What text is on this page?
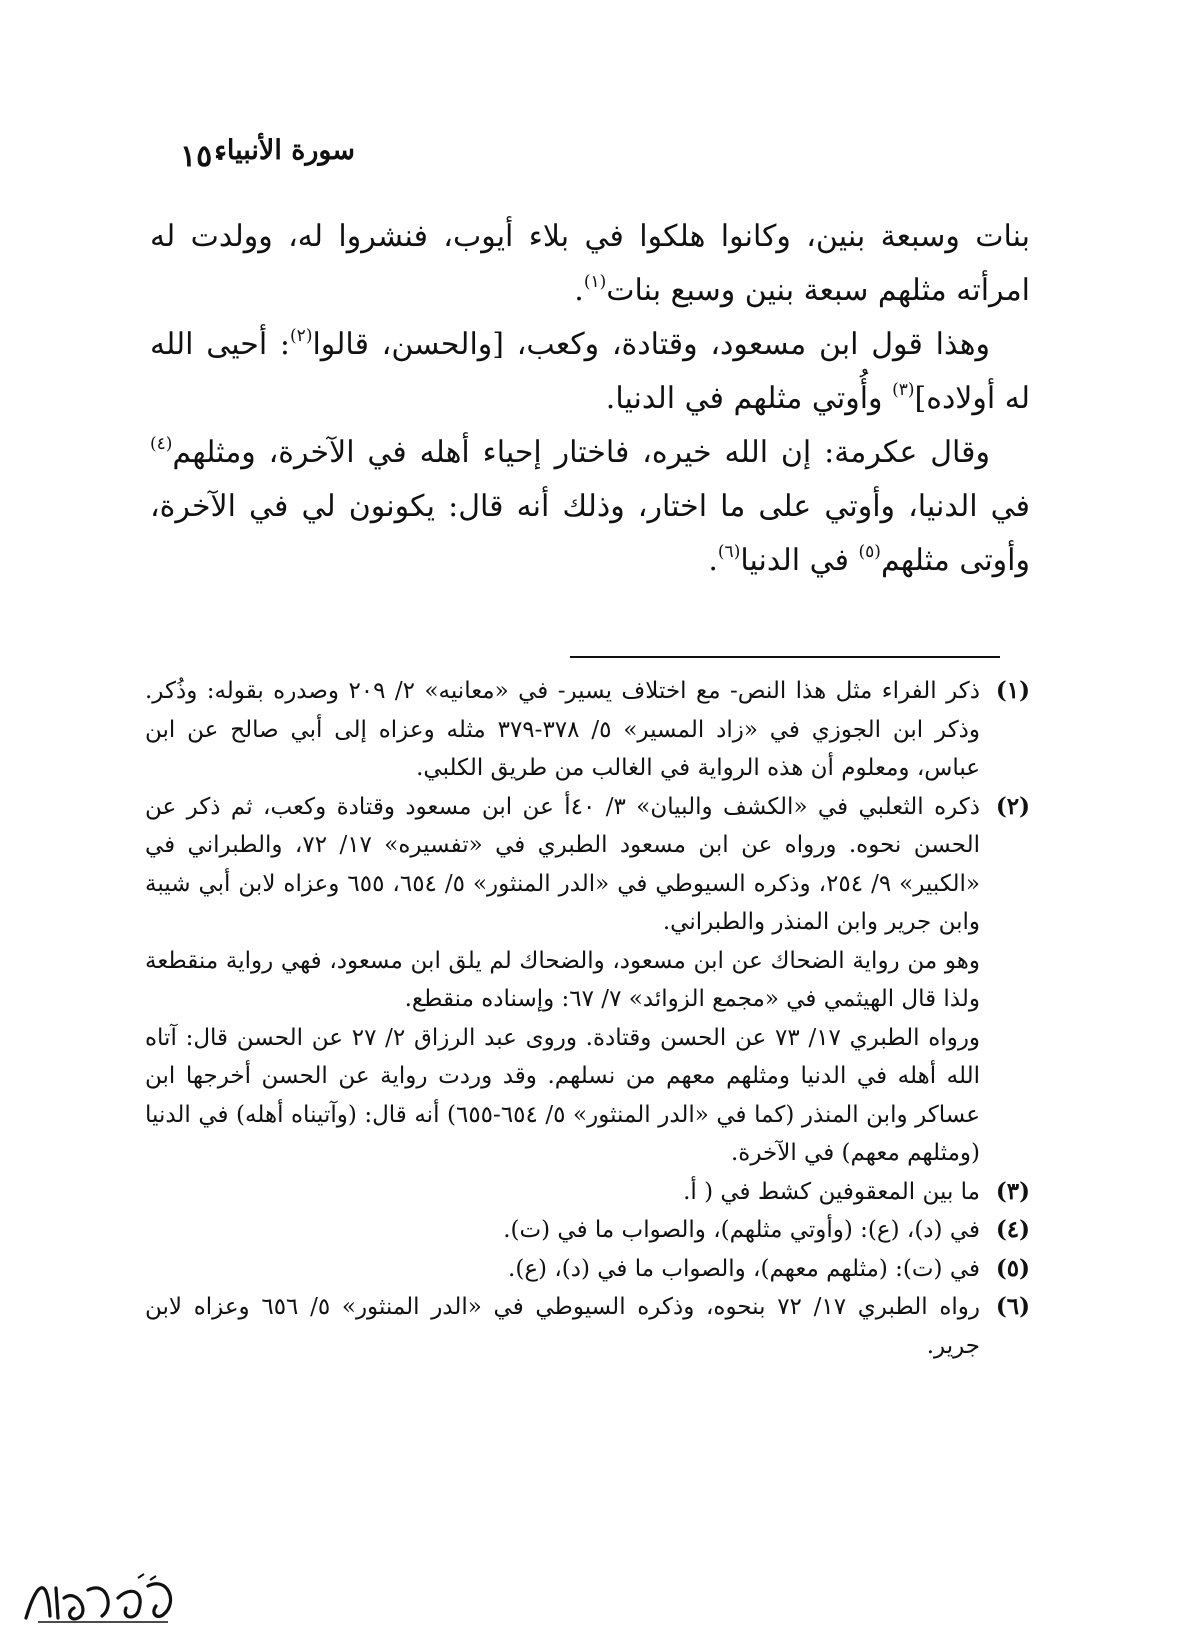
سورة الأنبياء
١٥٠

بنات وسبعة بنين، وكانوا هلكوا في بلاء أيوب، فنشروا له، وولدت له امرأته مثلهم سبعة بنين وسبع بنات$^{(١)}$.

وهذا قول ابن مسعود، وقتادة، وكعب، [والحسن، قالوا$^{(٢)}$: أحيى الله له أولاده]$^{(٣)}$ وأُوتي مثلهم في الدنيا.

وقال عكرمة: إن الله خيره، فاختار إحياء أهله في الآخرة، ومثلهم$^{(٤)}$ في الدنيا، وأوتي على ما اختار، وذلك أنه قال: يكونون لي في الآخرة، وأوتى مثلهم$^{(٥)}$ في الدنيا$^{(٦)}$.

(١)

ذكر الفراء مثل هذا النص- مع اختلاف يسير- في «معانيه» ٢/ ٢٠٩ وصدره بقوله: وذُكر. وذكر ابن الجوزي في «زاد المسير» ٥/ ٣٧٨-٣٧٩ مثله وعزاه إلى أبي صالح عن ابن عباس، ومعلوم أن هذه الرواية في الغالب من طريق الكلبي.

(٢)

ذكره الثعلبي في «الكشف والبيان» ٣/ ٤٠أ عن ابن مسعود وقتادة وكعب، ثم ذكر عن الحسن نحوه. ورواه عن ابن مسعود الطبري في «تفسيره» ١٧/ ٧٢، والطبراني في «الكبير» ٩/ ٢٥٤، وذكره السيوطي في «الدر المنثور» ٥/ ٦٥٤، ٦٥٥ وعزاه لابن أبي شيبة وابن جرير وابن المنذر والطبراني.

وهو من رواية الضحاك عن ابن مسعود، والضحاك لم يلق ابن مسعود، فهي رواية منقطعة ولذا قال الهيثمي في «مجمع الزوائد» ٧/ ٦٧: وإسناده منقطع.

ورواه الطبري ١٧/ ٧٣ عن الحسن وقتادة. وروى عبد الرزاق ٢/ ٢٧ عن الحسن قال: آتاه الله أهله في الدنيا ومثلهم معهم من نسلهم. وقد وردت رواية عن الحسن أخرجها ابن عساكر وابن المنذر (كما في «الدر المنثور» ٥/ ٦٥٤-٦٥٥) أنه قال: (وآتيناه أهله) في الدنيا (ومثلهم معهم) في الآخرة.

(٣)

ما بين المعقوفين كشط في ( أ.

(٤)

في (د)، (ع): (وأوتي مثلهم)، والصواب ما في (ت).

(٥)

في (ت): (مثلهم معهم)، والصواب ما في (د)، (ع).

(٦)

رواه الطبري ١٧/ ٧٢ بنحوه، وذكره السيوطي في «الدر المنثور» ٥/ ٦٥٦ وعزاه لابن جرير.
